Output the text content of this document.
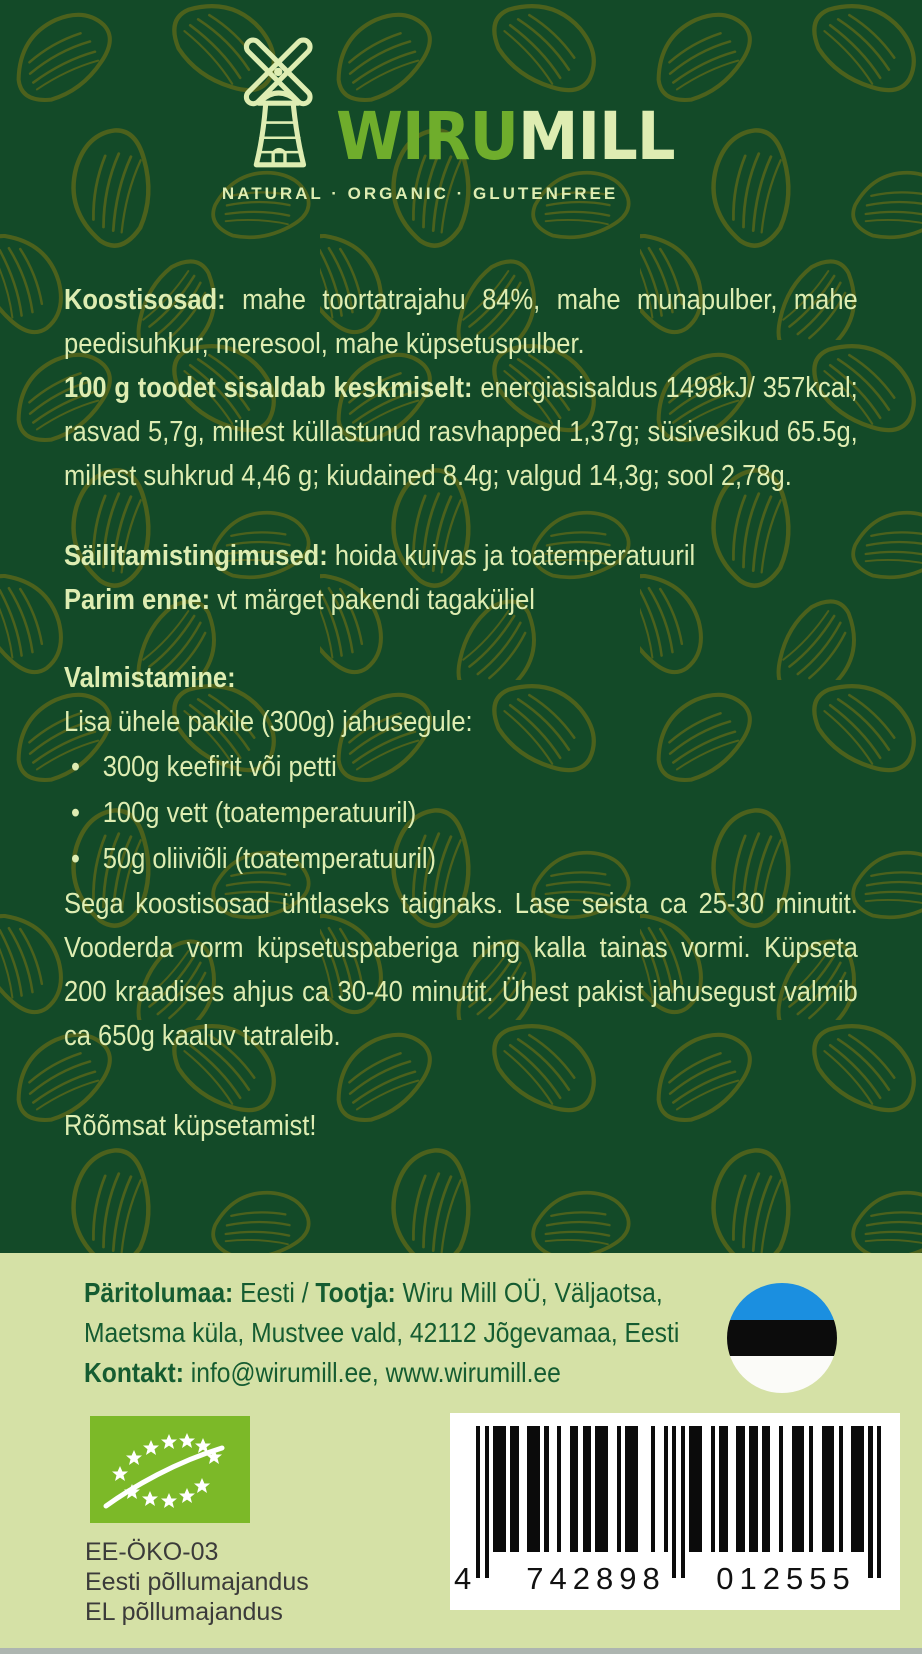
WIRUMILL
NATURAL · ORGANIC · GLUTENFREE

Koostisosad: mahe toortatrajahu 84%, mahe munapulber, mahe peedisuhkur, meresool, mahe küpsetuspulber.

100 g toodet sisaldab keskmiselt: energiasisaldus 1498kJ/ 357kcal; rasvad 5,7g, millest küllastunud rasvhapped 1,37g; süsivesikud 65.5g, millest suhkrud 4,46 g; kiudained 8.4g; valgud 14,3g; sool 2,78g.

Säilitamistingimused: hoida kuivas ja toatemperatuuril

Parim enne: vt märget pakendi tagaküljel

Valmistamine:

Lisa ühele pakile (300g) jahusegule:

• 300g keefirit või petti
• 100g vett (toatemperatuuril)
• 50g oliiviõli (toatemperatuuril)

Sega koostisosad ühtlaseks taignaks. Lase seista ca 25-30 minutit. Vooderda vorm küpsetuspaberiga ning kalla tainas vormi. Küpseta 200 kraadises ahjus ca 30-40 minutit. Ühest pakist jahusegust valmib ca 650g kaaluv tatraleib.

Rõõmsat küpsetamist!

Päritolumaa: Eesti / Tootja: Wiru Mill OÜ, Väljaotsa, Maetsma küla, Mustvee vald, 42112 Jõgevamaa, Eesti
Kontakt: info@wirumill.ee, www.wirumill.ee
EE-ÖKO-03
Eesti põllumajandus
EL põllumajandus
4	742898	012555
